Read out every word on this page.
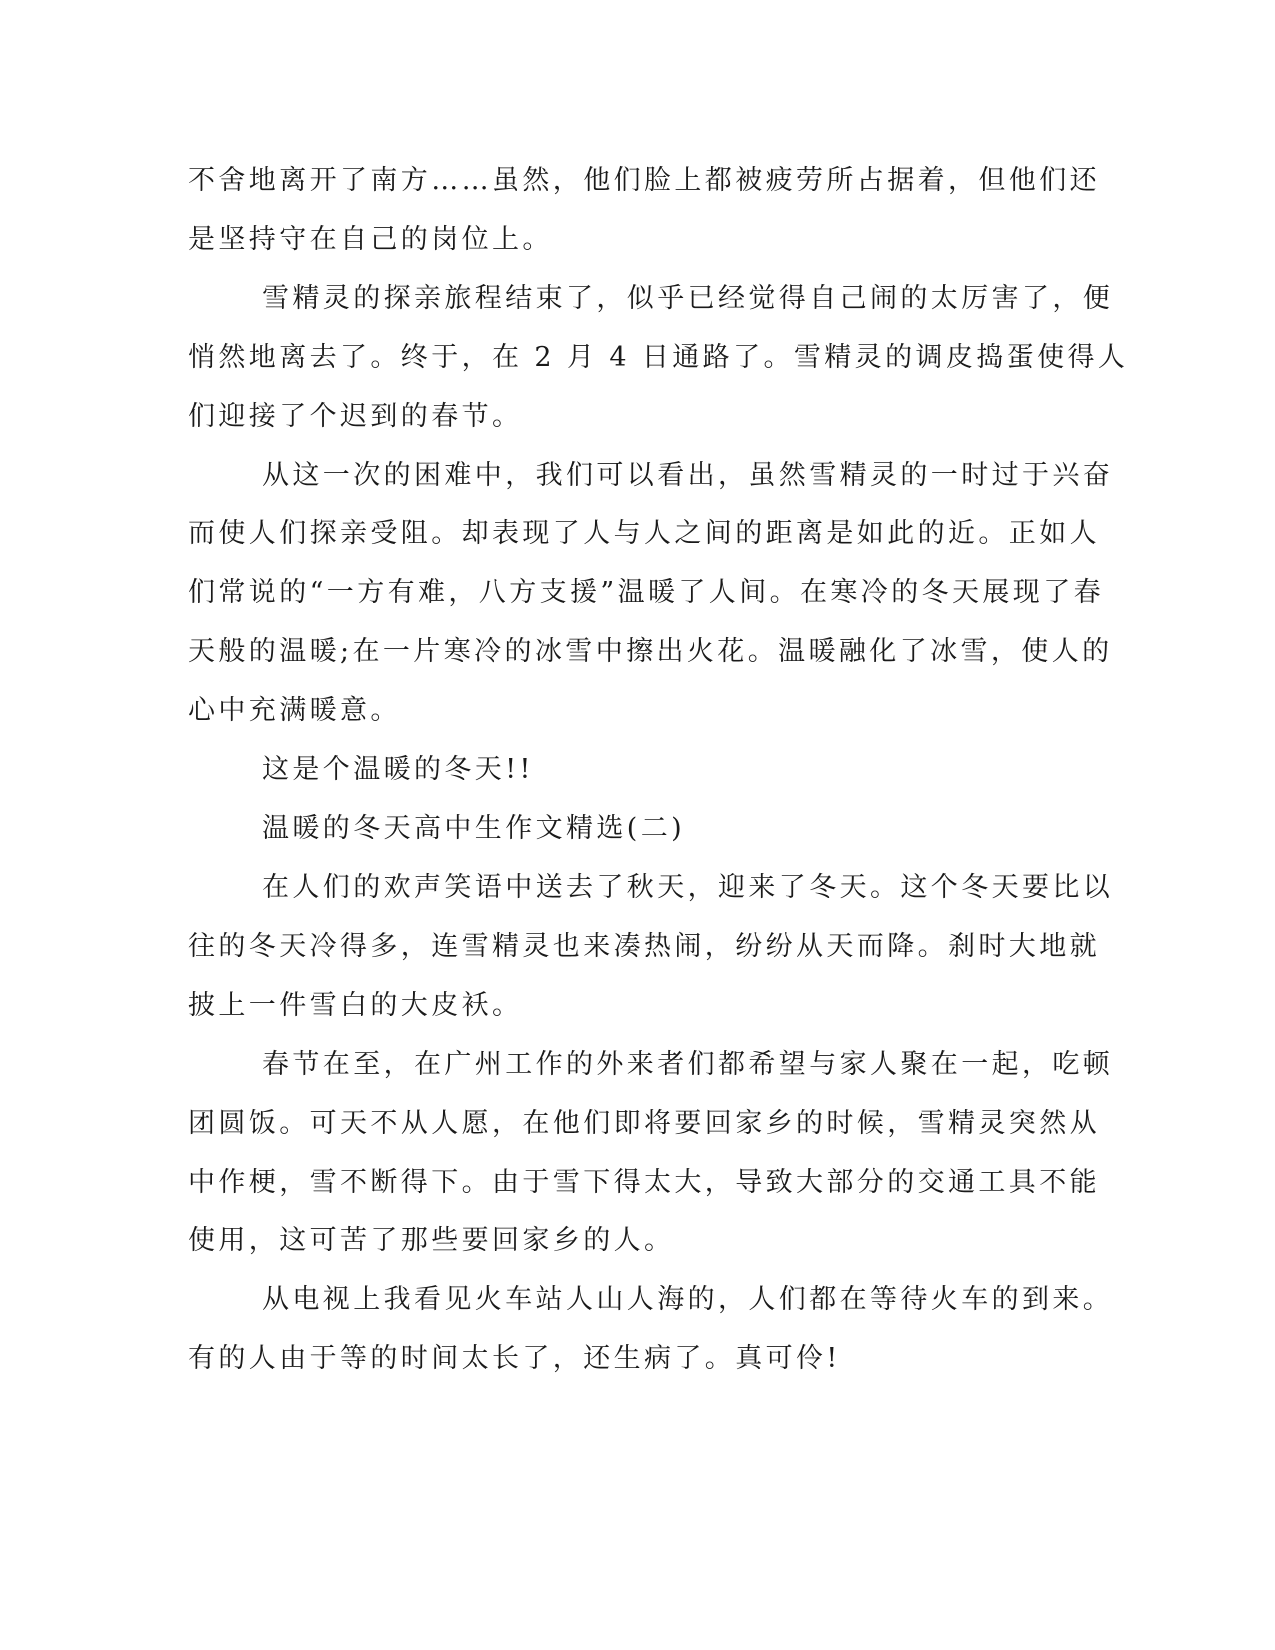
不舍地离开了南方……虽然，他们脸上都被疲劳所占据着，但他们还
是坚持守在自己的岗位上。
雪精灵的探亲旅程结束了，似乎已经觉得自己闹的太厉害了，便
悄然地离去了。终于，在 2 月 4 日通路了。雪精灵的调皮捣蛋使得人
们迎接了个迟到的春节。
从这一次的困难中，我们可以看出，虽然雪精灵的一时过于兴奋
而使人们探亲受阻。却表现了人与人之间的距离是如此的近。正如人
们常说的“一方有难，八方支援”温暖了人间。在寒冷的冬天展现了春
天般的温暖;在一片寒冷的冰雪中擦出火花。温暖融化了冰雪，使人的
心中充满暖意。
这是个温暖的冬天!!
温暖的冬天高中生作文精选(二)
在人们的欢声笑语中送去了秋天，迎来了冬天。这个冬天要比以
往的冬天冷得多，连雪精灵也来凑热闹，纷纷从天而降。刹时大地就
披上一件雪白的大皮袄。
春节在至，在广州工作的外来者们都希望与家人聚在一起，吃顿
团圆饭。可天不从人愿，在他们即将要回家乡的时候，雪精灵突然从
中作梗，雪不断得下。由于雪下得太大，导致大部分的交通工具不能
使用，这可苦了那些要回家乡的人。
从电视上我看见火车站人山人海的，人们都在等待火车的到来。
有的人由于等的时间太长了，还生病了。真可伶!
